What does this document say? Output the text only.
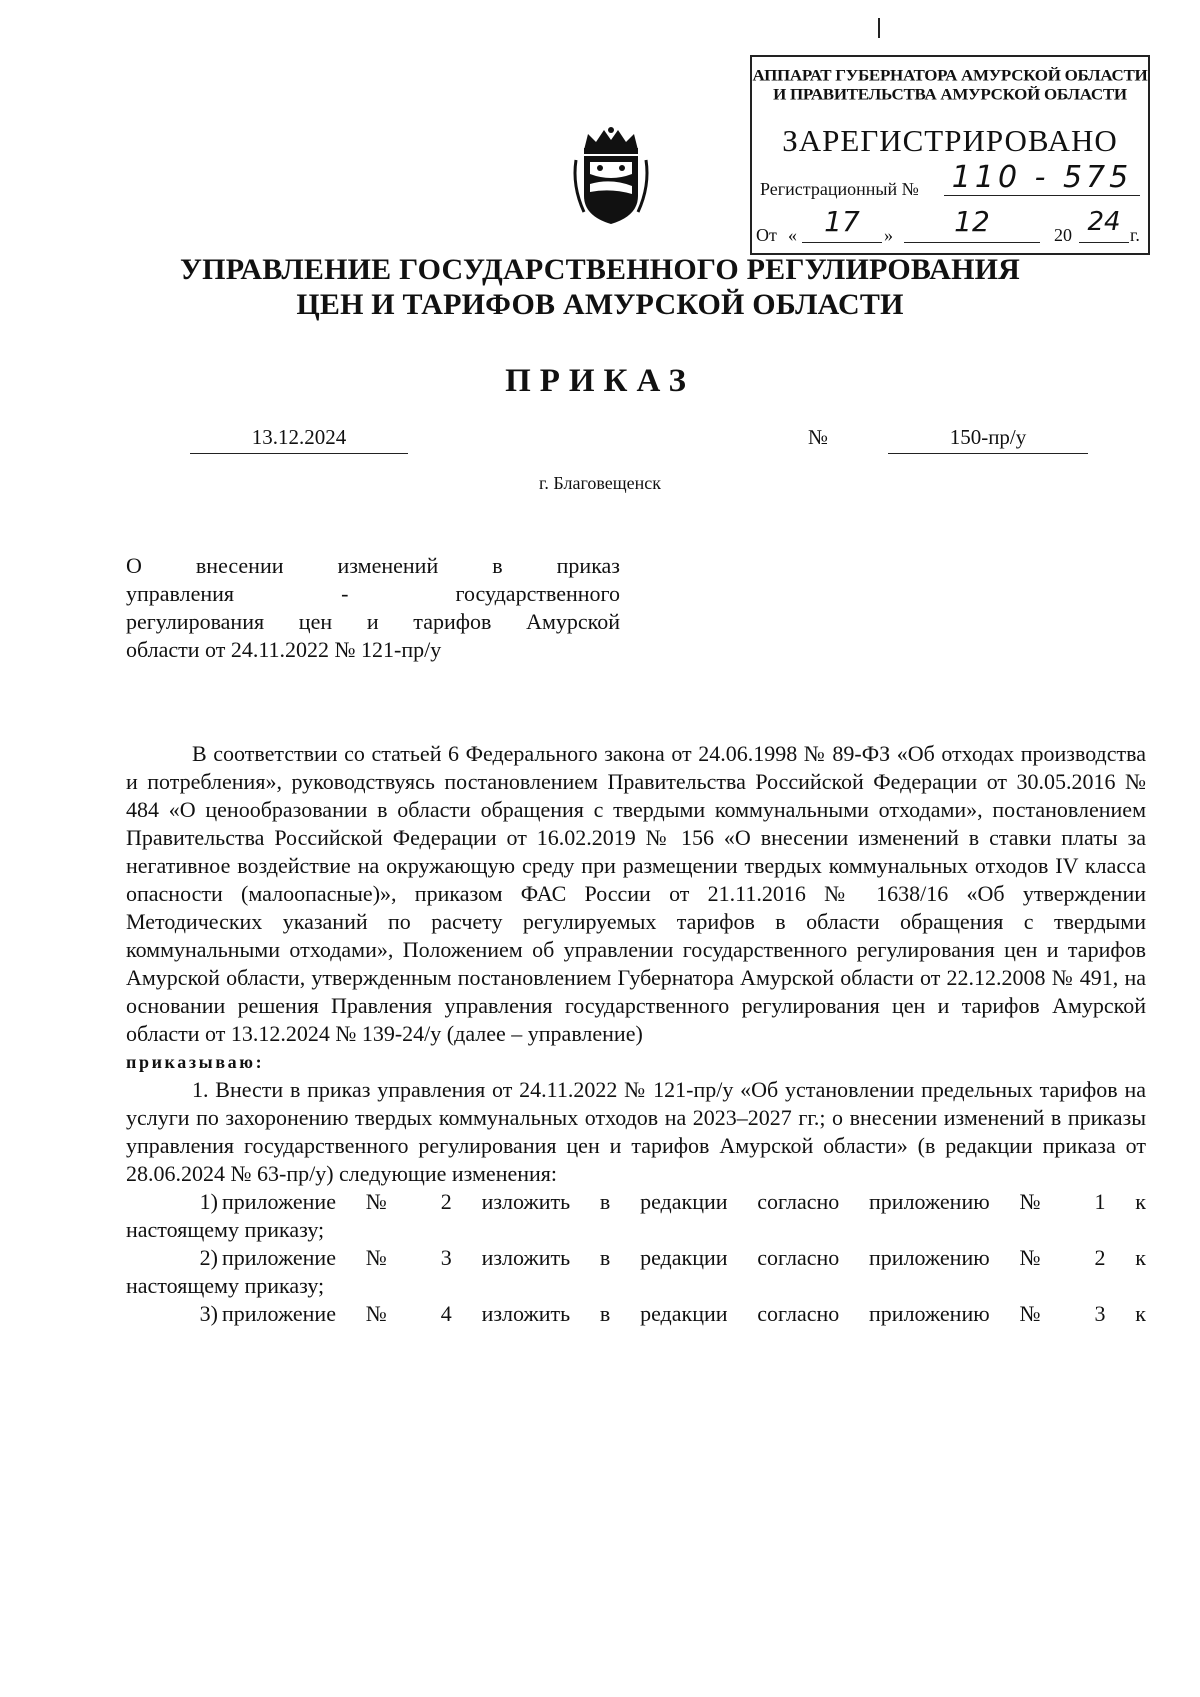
АППАРАТ ГУБЕРНАТОРА АМУРСКОЙ ОБЛАСТИ
И ПРАВИТЕЛЬСТВА АМУРСКОЙ ОБЛАСТИ
ЗАРЕГИСТРИРОВАНО
Регистрационный № 110 - 575
От « 17	»	12	20 24 г.
УПРАВЛЕНИЕ ГОСУДАРСТВЕННОГО РЕГУЛИРОВАНИЯ
ЦЕН И ТАРИФОВ АМУРСКОЙ ОБЛАСТИ
ПРИКАЗ
13.12.2024	№	150-пр/у
г. Благовещенск
О внесении изменений в приказ
управления - государственного
регулирования цен и тарифов Амурской
области от 24.11.2022 № 121-пр/у

В соответствии со статьей 6 Федерального закона от 24.06.1998 № 89-ФЗ «Об отходах производства и потребления», руководствуясь постановлением Правительства Российской Федерации от 30.05.2016 № 484 «О ценообразовании в области обращения с твердыми коммунальными отходами», постановлением Правительства Российской Федерации от 16.02.2019 № 156 «О внесении изменений в ставки платы за негативное воздействие на окружающую среду при размещении твердых коммунальных отходов IV класса опасности (малоопасные)», приказом ФАС России от 21.11.2016 № 1638/16 «Об утверждении Методических указаний по расчету регулируемых тарифов в области обращения с твердыми коммунальными отходами», Положением об управлении государственного регулирования цен и тарифов Амурской области, утвержденным постановлением Губернатора Амурской области от 22.12.2008 № 491, на основании решения Правления управления государственного регулирования цен и тарифов Амурской области от 13.12.2024 № 139-24/у (далее – управление)

приказываю:

1. Внести в приказ управления от 24.11.2022 № 121-пр/у «Об установлении предельных тарифов на услуги по захоронению твердых коммунальных отходов на 2023–2027 гг.; о внесении изменений в приказы управления государственного регулирования цен и тарифов Амурской области» (в редакции приказа от 28.06.2024 № 63-пр/у) следующие изменения:

1) приложение № 2 изложить в редакции согласно приложению № 1 к

настоящему приказу;

2) приложение № 3 изложить в редакции согласно приложению № 2 к

настоящему приказу;

3) приложение № 4 изложить в редакции согласно приложению № 3 к
